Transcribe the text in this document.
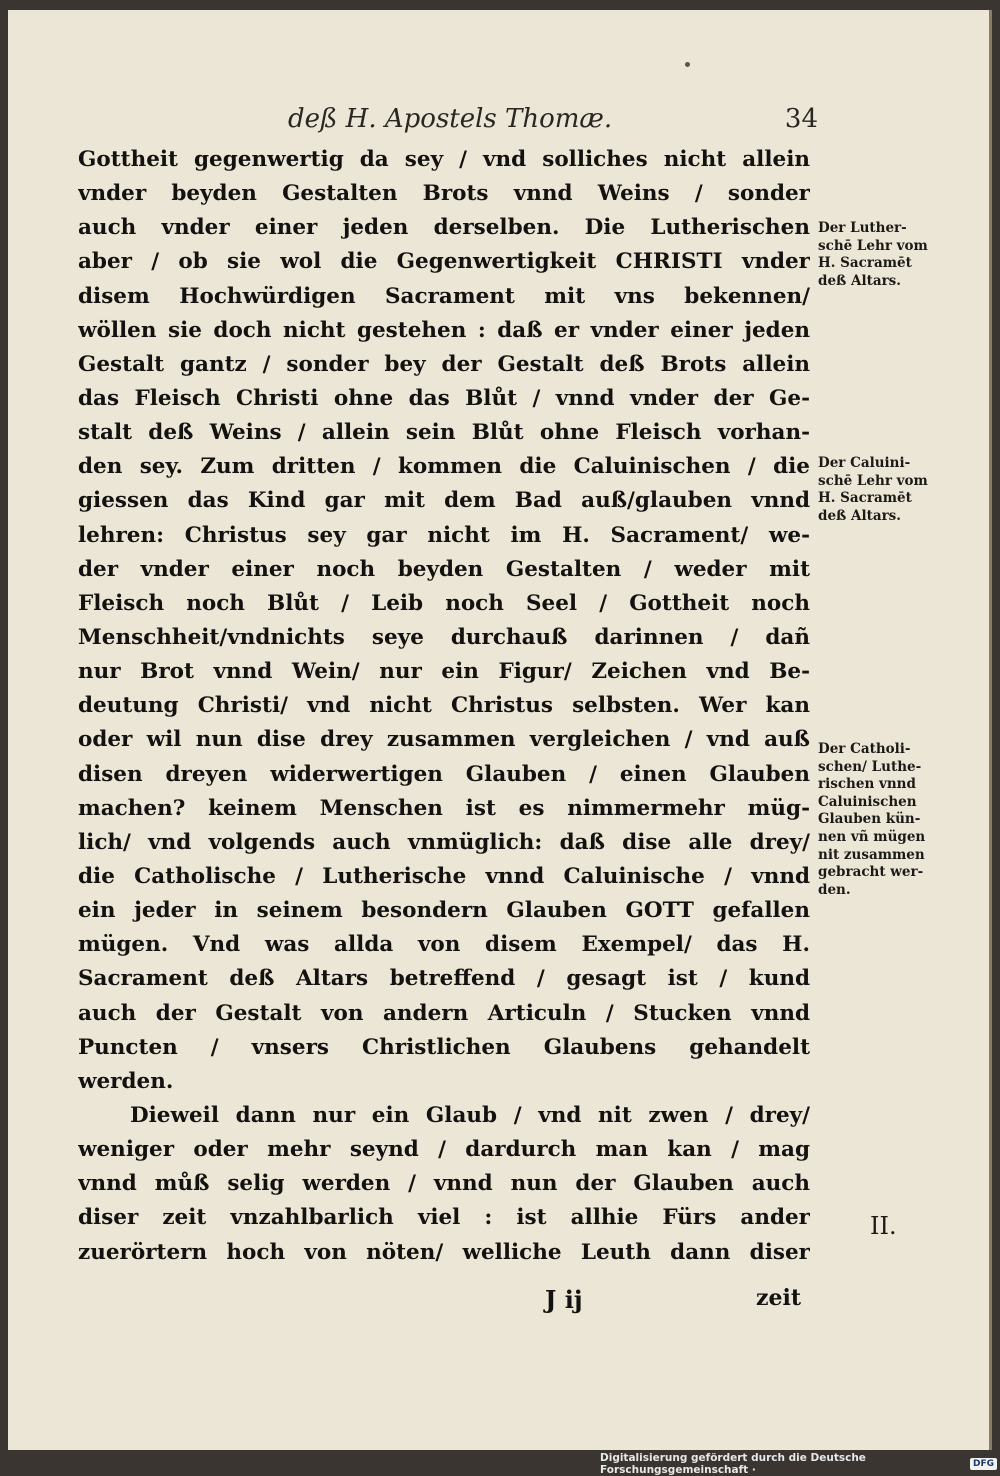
deß H. Apostels Thomæ.	34
Gottheit gegenwertig da sey / vnd solliches nicht allein
vnder beyden Gestalten Brots vnnd Weins / sonder
auch vnder einer jeden derselben. Die Lutherischen
aber / ob sie wol die Gegenwertigkeit CHRISTI vnder
disem Hochwürdigen Sacrament mit vns bekennen/
wöllen sie doch nicht gestehen : daß er vnder einer jeden
Gestalt gantz / sonder bey der Gestalt deß Brots allein
das Fleisch Christi ohne das Blůt / vnnd vnder der Ge-
stalt deß Weins / allein sein Blůt ohne Fleisch vorhan-
den sey. Zum dritten / kommen die Caluinischen / die
giessen das Kind gar mit dem Bad auß/glauben vnnd
lehren: Christus sey gar nicht im H. Sacrament/ we-
der vnder einer noch beyden Gestalten / weder mit
Fleisch noch Blůt / Leib noch Seel / Gottheit noch
Menschheit/vndnichts seye durchauß darinnen / dañ
nur Brot vnnd Wein/ nur ein Figur/ Zeichen vnd Be-
deutung Christi/ vnd nicht Christus selbsten. Wer kan
oder wil nun dise drey zusammen vergleichen / vnd auß
disen dreyen widerwertigen Glauben / einen Glauben
machen? keinem Menschen ist es nimmermehr müg-
lich/ vnd volgends auch vnmüglich: daß dise alle drey/
die Catholische / Lutherische vnnd Caluinische / vnnd
ein jeder in seinem besondern Glauben GOTT gefallen
mügen. Vnd was allda von disem Exempel/ das H.
Sacrament deß Altars betreffend / gesagt ist / kund
auch der Gestalt von andern Articuln / Stucken vnnd
Puncten / vnsers Christlichen Glaubens gehandelt
werden.
Dieweil dann nur ein Glaub / vnd nit zwen / drey/
weniger oder mehr seynd / dardurch man kan / mag
vnnd můß selig werden / vnnd nun der Glauben auch
diser zeit vnzahlbarlich viel : ist allhie Fürs ander
zuerörtern hoch von nöten/ welliche Leuth dann diser
Der Luther-
schē Lehr vom
H. Sacramēt
deß Altars.
Der Caluini-
schē Lehr vom
H. Sacramēt
deß Altars.
Der Catholi-
schen/ Luthe-
rischen vnnd
Caluinischen
Glauben kün-
nen vñ mügen
nit zusammen
gebracht wer-
den.
II.
J ij	zeit
Digitalisierung gefördert durch die Deutsche Forschungsgemeinschaft ·	DFG
